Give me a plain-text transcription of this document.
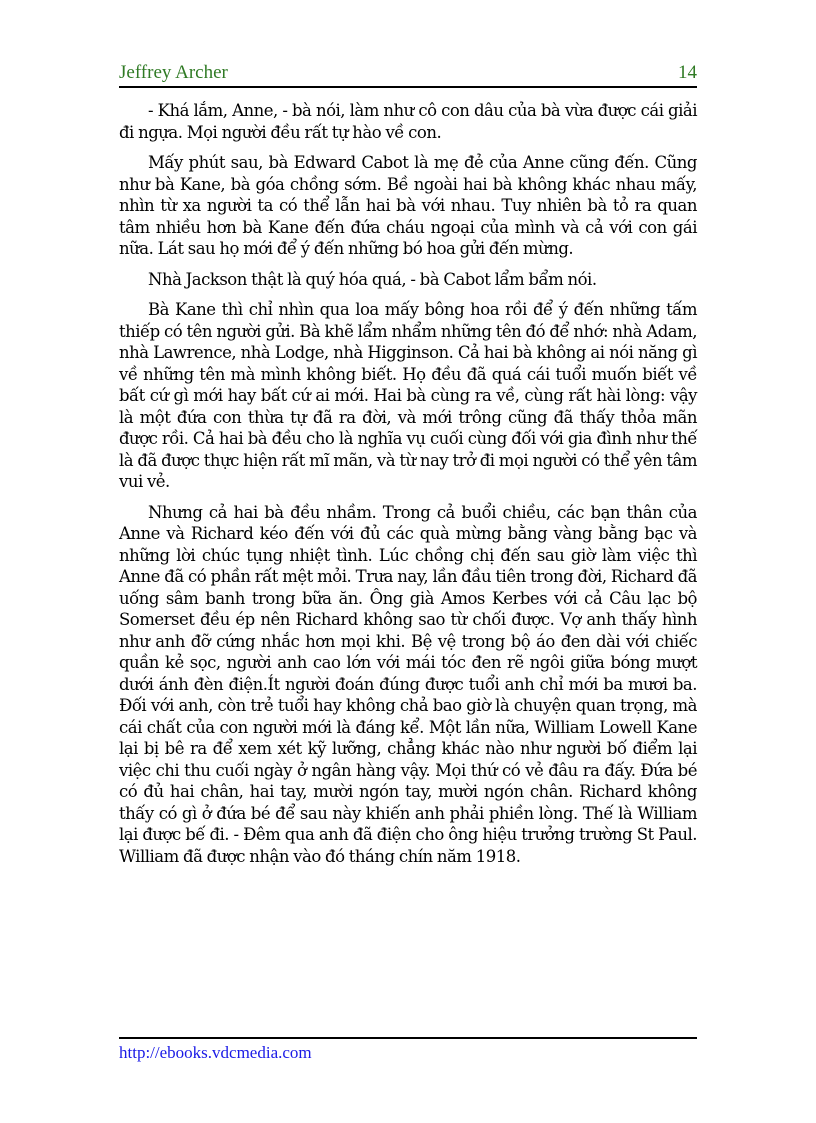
Jeffrey Archer	14

- Khá lắm, Anne, - bà nói, làm như cô con dâu của bà vừa được cái giải đi ngựa. Mọi người đều rất tự hào về con.

Mấy phút sau, bà Edward Cabot là mẹ đẻ của Anne cũng đến. Cũng như bà Kane, bà góa chồng sớm. Bề ngoài hai bà không khác nhau mấy, nhìn từ xa người ta có thể lẫn hai bà với nhau. Tuy nhiên bà tỏ ra quan tâm nhiều hơn bà Kane đến đứa cháu ngoại của mình và cả với con gái nữa. Lát sau họ mới để ý đến những bó hoa gửi đến mừng.

Nhà Jackson thật là quý hóa quá, - bà Cabot lẩm bẩm nói.

Bà Kane thì chỉ nhìn qua loa mấy bông hoa rồi để ý đến những tấm thiếp có tên người gửi. Bà khẽ lẩm nhẩm những tên đó để nhớ: nhà Adam, nhà Lawrence, nhà Lodge, nhà Higginson. Cả hai bà không ai nói năng gì về những tên mà mình không biết. Họ đều đã quá cái tuổi muốn biết về bất cứ gì mới hay bất cứ ai mới. Hai bà cùng ra về, cùng rất hài lòng: vậy là một đứa con thừa tự đã ra đời, và mới trông cũng đã thấy thỏa mãn được rồi. Cả hai bà đều cho là nghĩa vụ cuối cùng đối với gia đình như thế là đã được thực hiện rất mĩ mãn, và từ nay trở đi mọi người có thể yên tâm vui vẻ.

Nhưng cả hai bà đều nhầm. Trong cả buổi chiều, các bạn thân của Anne và Richard kéo đến với đủ các quà mừng bằng vàng bằng bạc và những lời chúc tụng nhiệt tình. Lúc chồng chị đến sau giờ làm việc thì Anne đã có phần rất mệt mỏi. Trưa nay, lần đầu tiên trong đời, Richard đã uống sâm banh trong bữa ăn. Ông già Amos Kerbes với cả Câu lạc bộ Somerset đều ép nên Richard không sao từ chối được. Vợ anh thấy hình như anh đỡ cứng nhắc hơn mọi khi. Bệ vệ trong bộ áo đen dài với chiếc quần kẻ sọc, người anh cao lớn với mái tóc đen rẽ ngôi giữa bóng mượt dưới ánh đèn điện.Ít người đoán đúng được tuổi anh chỉ mới ba mươi ba. Đối với anh, còn trẻ tuổi hay không chả bao giờ là chuyện quan trọng, mà cái chất của con người mới là đáng kể. Một lần nữa, William Lowell Kane lại bị bê ra để xem xét kỹ lưỡng, chẳng khác nào như người bố điểm lại việc chi thu cuối ngày ở ngân hàng vậy. Mọi thứ có vẻ đâu ra đấy. Đứa bé có đủ hai chân, hai tay, mười ngón tay, mười ngón chân. Richard không thấy có gì ở đứa bé để sau này khiến anh phải phiền lòng. Thế là William lại được bế đi. - Đêm qua anh đã điện cho ông hiệu trưởng trường St Paul. William đã được nhận vào đó tháng chín năm 1918.

http://ebooks.vdcmedia.com
